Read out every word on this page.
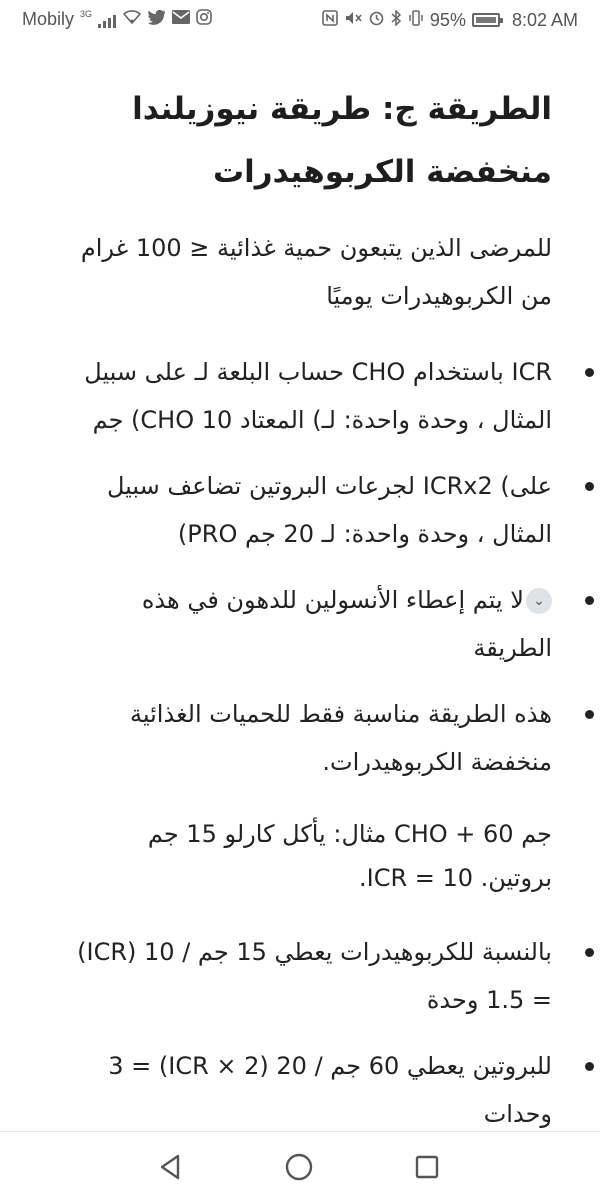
Mobily 3G	95%	8:02 AM
الطريقة ج: طريقة نيوزيلندا
منخفضة الكربوهيدرات

للمرضى الذين يتبعون حمية غذائية ≤ 100 غرام من الكربوهيدرات يوميًا

ICR باستخدام CHO حساب البلعة لـ على سبيل المثال ، وحدة واحدة: لـ) المعتاد 10 CHO) جم
على) ICRx2 لجرعات البروتين تضاعف سبيل المثال ، وحدة واحدة: لـ 20 جم PRO)
⌄لا يتم إعطاء الأنسولين للدهون في هذه الطريقة
هذه الطريقة مناسبة فقط للحميات الغذائية منخفضة الكربوهيدرات.

جم 60 + CHO مثال: يأكل كارلو 15 جم بروتين. ICR = 10.

بالنسبة للكربوهيدرات يعطي 15 جم / 10 (ICR) = 1.5 وحدة
للبروتين يعطي 60 جم / 20 (ICR × 2) = 3 وحدات
